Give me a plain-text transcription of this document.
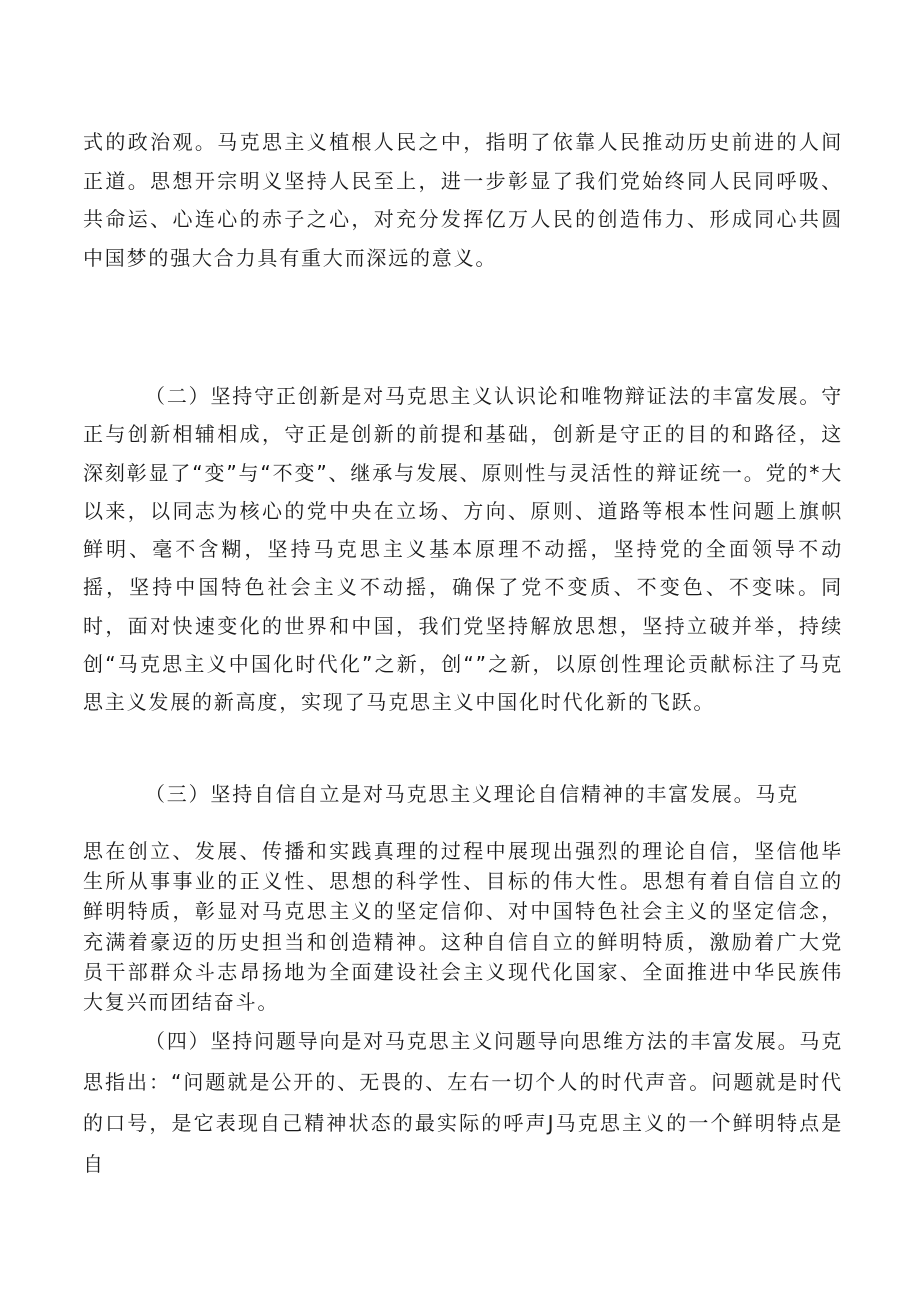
式的政治观。马克思主义植根人民之中，指明了依靠人民推动历史前进的人间正道。思想开宗明义坚持人民至上，进一步彰显了我们党始终同人民同呼吸、共命运、心连心的赤子之心，对充分发挥亿万人民的创造伟力、形成同心共圆中国梦的强大合力具有重大而深远的意义。

（二）坚持守正创新是对马克思主义认识论和唯物辩证法的丰富发展。守正与创新相辅相成，守正是创新的前提和基础，创新是守正的目的和路径，这深刻彰显了“变”与“不变”、继承与发展、原则性与灵活性的辩证统一。党的*大以来，以同志为核心的党中央在立场、方向、原则、道路等根本性问题上旗帜鲜明、毫不含糊，坚持马克思主义基本原理不动摇，坚持党的全面领导不动摇，坚持中国特色社会主义不动摇，确保了党不变质、不变色、不变味。同时，面对快速变化的世界和中国，我们党坚持解放思想，坚持立破并举，持续创“马克思主义中国化时代化”之新，创“”之新，以原创性理论贡献标注了马克思主义发展的新高度，实现了马克思主义中国化时代化新的飞跃。

（三）坚持自信自立是对马克思主义理论自信精神的丰富发展。马克

思在创立、发展、传播和实践真理的过程中展现出强烈的理论自信，坚信他毕生所从事事业的正义性、思想的科学性、目标的伟大性。思想有着自信自立的鲜明特质，彰显对马克思主义的坚定信仰、对中国特色社会主义的坚定信念，充满着豪迈的历史担当和创造精神。这种自信自立的鲜明特质，激励着广大党员干部群众斗志昂扬地为全面建设社会主义现代化国家、全面推进中华民族伟大复兴而团结奋斗。

（四）坚持问题导向是对马克思主义问题导向思维方法的丰富发展。马克思指出：“问题就是公开的、无畏的、左右一切个人的时代声音。问题就是时代的口号，是它表现自己精神状态的最实际的呼声J马克思主义的一个鲜明特点是自
